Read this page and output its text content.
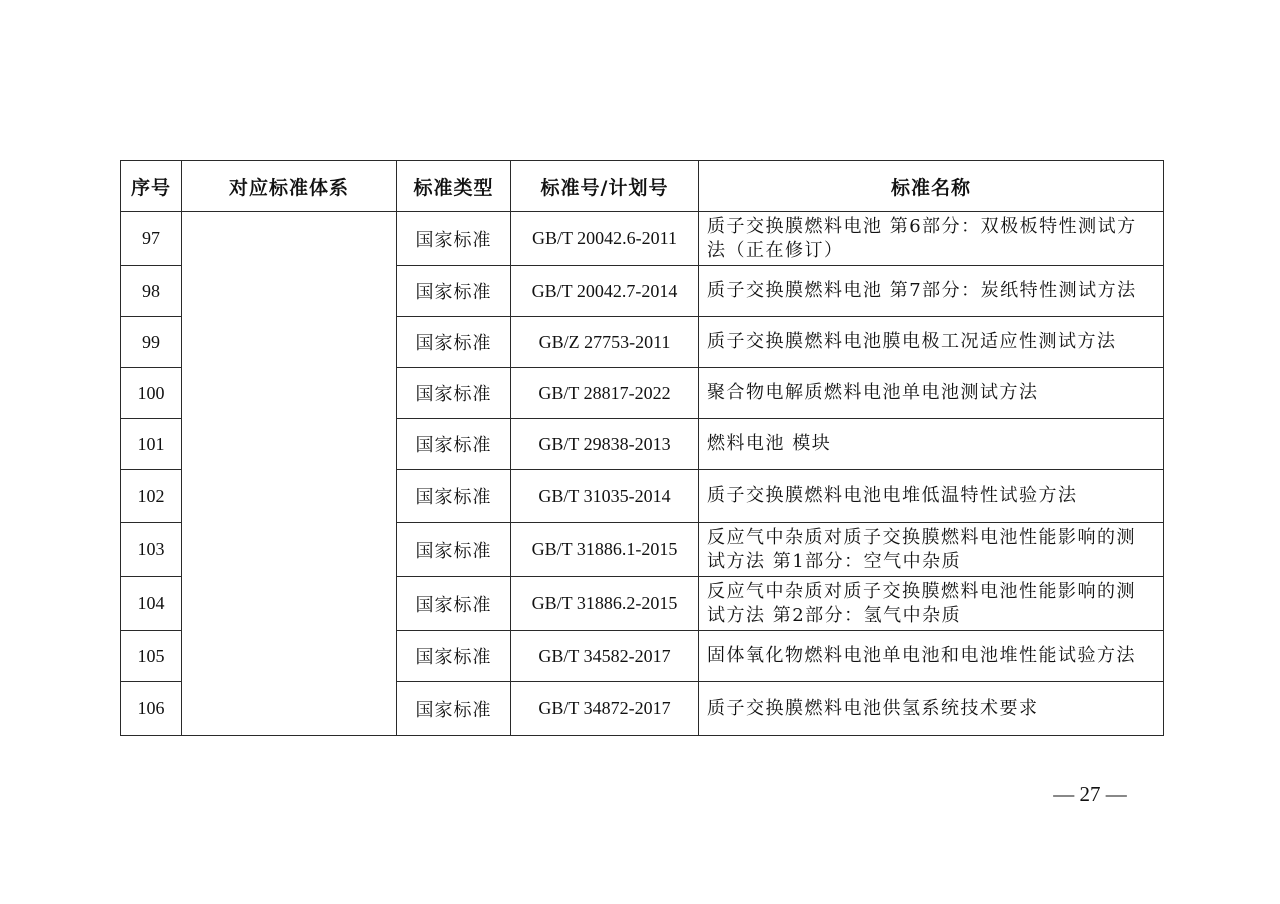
序号	对应标准体系	标准类型	标准号/计划号	标准名称
97		国家标准	GB/T 20042.6-2011	质子交换膜燃料电池 第6部分：双极板特性测试方法（正在修订）
98		国家标准	GB/T 20042.7-2014	质子交换膜燃料电池 第7部分：炭纸特性测试方法
99		国家标准	GB/Z 27753-2011	质子交换膜燃料电池膜电极工况适应性测试方法
100		国家标准	GB/T 28817-2022	聚合物电解质燃料电池单电池测试方法
101		国家标准	GB/T 29838-2013	燃料电池 模块
102		国家标准	GB/T 31035-2014	质子交换膜燃料电池电堆低温特性试验方法
103		国家标准	GB/T 31886.1-2015	反应气中杂质对质子交换膜燃料电池性能影响的测试方法 第1部分：空气中杂质
104		国家标准	GB/T 31886.2-2015	反应气中杂质对质子交换膜燃料电池性能影响的测试方法 第2部分：氢气中杂质
105		国家标准	GB/T 34582-2017	固体氧化物燃料电池单电池和电池堆性能试验方法
106		国家标准	GB/T 34872-2017	质子交换膜燃料电池供氢系统技术要求
— 27 —
